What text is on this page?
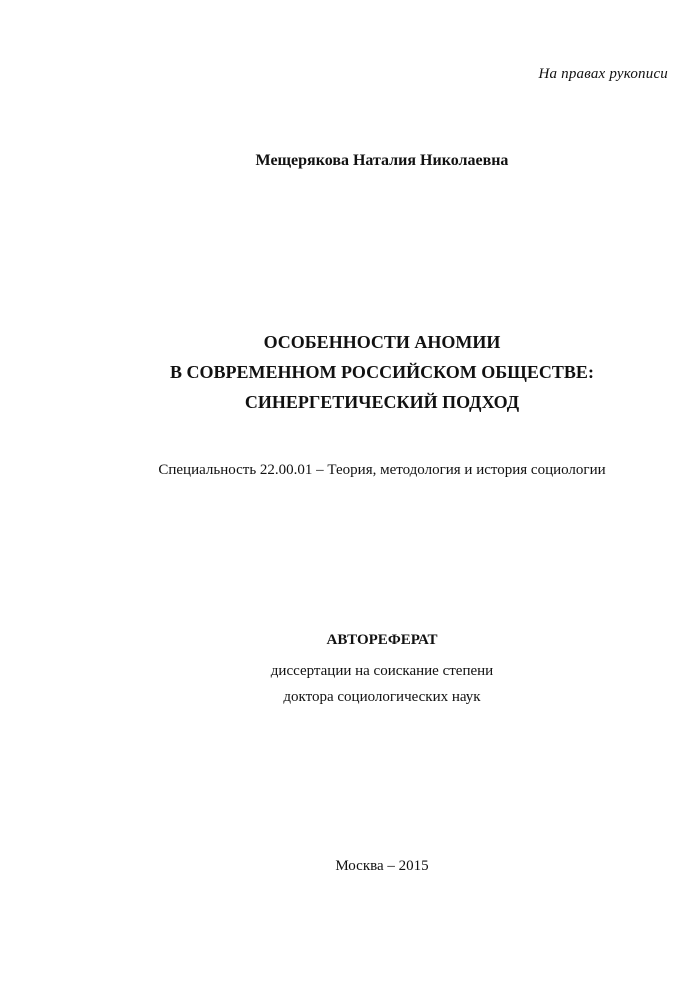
На правах рукописи
Мещерякова Наталия Николаевна
ОСОБЕННОСТИ АНОМИИ
В СОВРЕМЕННОМ РОССИЙСКОМ ОБЩЕСТВЕ:
СИНЕРГЕТИЧЕСКИЙ ПОДХОД
Специальность 22.00.01 – Теория, методология и история социологии
АВТОРЕФЕРАТ
диссертации на соискание степени
доктора социологических наук
Москва – 2015
